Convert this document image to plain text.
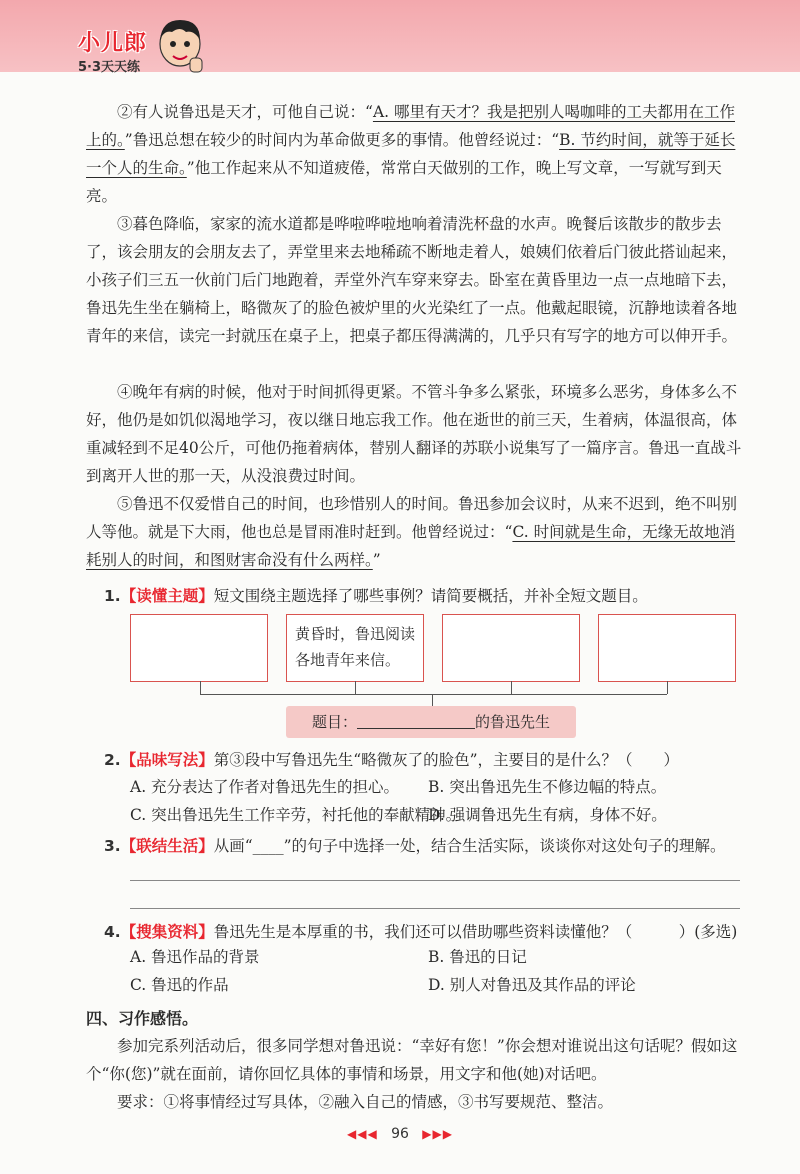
小儿郎
5·3天天练
②有人说鲁迅是天才，可他自己说：“A. 哪里有天才？我是把别人喝咖啡的工夫都用在工作上的。”鲁迅总想在较少的时间内为革命做更多的事情。他曾经说过：“B. 节约时间，就等于延长一个人的生命。”他工作起来从不知道疲倦，常常白天做别的工作，晚上写文章，一写就写到天亮。
③暮色降临，家家的流水道都是哗啦哗啦地响着清洗杯盘的水声。晚餐后该散步的散步去了，该会朋友的会朋友去了，弄堂里来去地稀疏不断地走着人，娘姨们依着后门彼此搭讪起来，小孩子们三五一伙前门后门地跑着，弄堂外汽车穿来穿去。卧室在黄昏里边一点一点地暗下去，鲁迅先生坐在躺椅上，略微灰了的脸色被炉里的火光染红了一点。他戴起眼镜，沉静地读着各地青年的来信，读完一封就压在桌子上，把桌子都压得满满的，几乎只有写字的地方可以伸开手。
④晚年有病的时候，他对于时间抓得更紧。不管斗争多么紧张，环境多么恶劣，身体多么不好，他仍是如饥似渴地学习，夜以继日地忘我工作。他在逝世的前三天，生着病，体温很高，体重减轻到不足40公斤，可他仍拖着病体，替别人翻译的苏联小说集写了一篇序言。鲁迅一直战斗到离开人世的那一天，从没浪费过时间。
⑤鲁迅不仅爱惜自己的时间，也珍惜别人的时间。鲁迅参加会议时，从来不迟到，绝不叫别人等他。就是下大雨，他也总是冒雨准时赶到。他曾经说过：“C. 时间就是生命，无缘无故地消耗别人的时间，和图财害命没有什么两样。”
1.【读懂主题】短文围绕主题选择了哪些事例？请简要概括，并补全短文题目。
黄昏时，鲁迅阅读各地青年来信。
题目：	的鲁迅先生
2.【品味写法】第③段中写鲁迅先生“略微灰了的脸色”，主要目的是什么？（　　）
A. 充分表达了作者对鲁迅先生的担心。 B. 突出鲁迅先生不修边幅的特点。
C. 突出鲁迅先生工作辛劳，衬托他的奉献精神。
D. 强调鲁迅先生有病，身体不好。
3.【联结生活】从画“____”的句子中选择一处，结合生活实际，谈谈你对这处句子的理解。
4.【搜集资料】鲁迅先生是本厚重的书，我们还可以借助哪些资料读懂他？（　　　）(多选)
A. 鲁迅作品的背景	B. 鲁迅的日记
C. 鲁迅的作品	D. 别人对鲁迅及其作品的评论
四、习作感悟。
参加完系列活动后，很多同学想对鲁迅说：“幸好有您！”你会想对谁说出这句话呢？假如这个“你(您)”就在面前，请你回忆具体的事情和场景，用文字和他(她)对话吧。
要求：①将事情经过写具体，②融入自己的情感，③书写要规范、整洁。
◀◀◀ 96 ▶▶▶
